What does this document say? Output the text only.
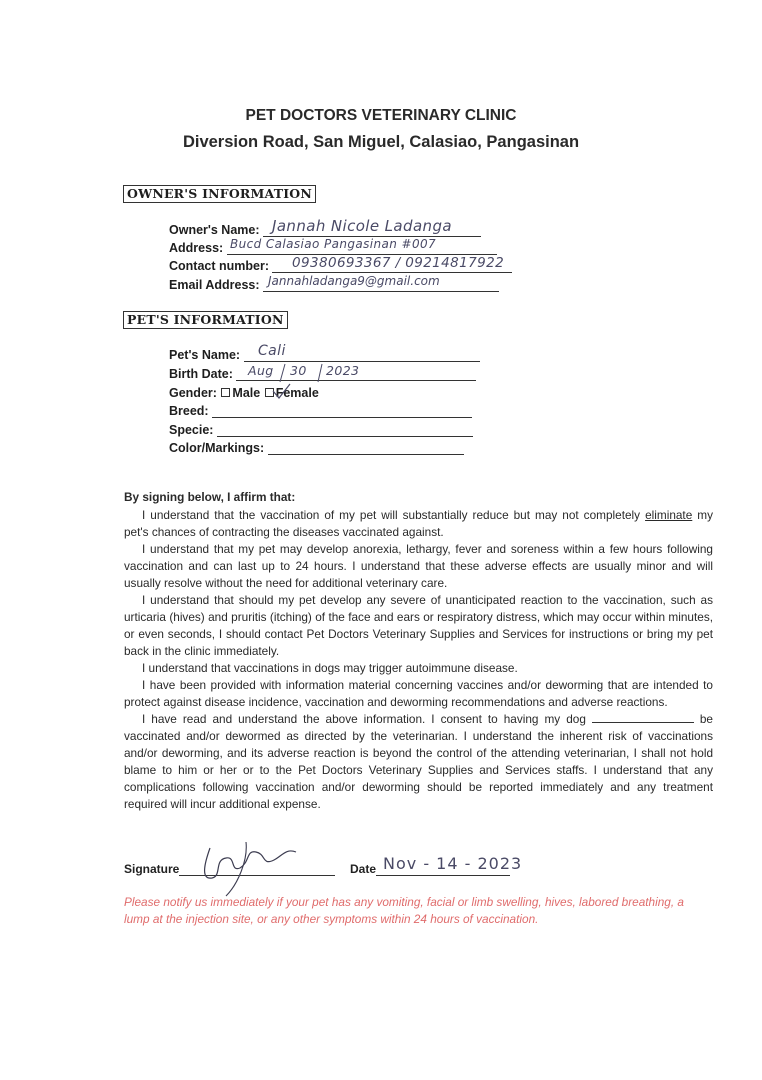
PET DOCTORS VETERINARY CLINIC
Diversion Road, San Miguel, Calasiao, Pangasinan
OWNER'S INFORMATION
Owner's Name: Jannah Nicole Ladanga
Address: Bucd Calasiao Pangasinan #007
Contact number:	09380693367 / 09214817922
Email Address: Jannahladanga9@gmail.com
PET'S INFORMATION
Pet's Name:	Cali
Birth Date:	Aug 30 2023
Gender: Male Female
Breed:
Specie:
Color/Markings:

By signing below, I affirm that:

I understand that the vaccination of my pet will substantially reduce but may not completely eliminate my pet's chances of contracting the diseases vaccinated against.

I understand that my pet may develop anorexia, lethargy, fever and soreness within a few hours following vaccination and can last up to 24 hours. I understand that these adverse effects are usually minor and will usually resolve without the need for additional veterinary care.

I understand that should my pet develop any severe of unanticipated reaction to the vaccination, such as urticaria (hives) and pruritis (itching) of the face and ears or respiratory distress, which may occur within minutes, or even seconds, I should contact Pet Doctors Veterinary Supplies and Services for instructions or bring my pet back in the clinic immediately.

I understand that vaccinations in dogs may trigger autoimmune disease.

I have been provided with information material concerning vaccines and/or deworming that are intended to protect against disease incidence, vaccination and deworming recommendations and adverse reactions.

I have read and understand the above information. I consent to having my dog	be vaccinated and/or dewormed as directed by the veterinarian. I understand the inherent risk of vaccinations and/or deworming, and its adverse reaction is beyond the control of the attending veterinarian, I shall not hold blame to him or her or to the Pet Doctors Veterinary Supplies and Services staffs. I understand that any complications following vaccination and/or deworming should be reported immediately and any treatment required will incur additional expense.

Signature	Date Nov - 14 - 2023
Please notify us immediately if your pet has any vomiting, facial or limb swelling, hives, labored breathing, a lump at the injection site, or any other symptoms within 24 hours of vaccination.
